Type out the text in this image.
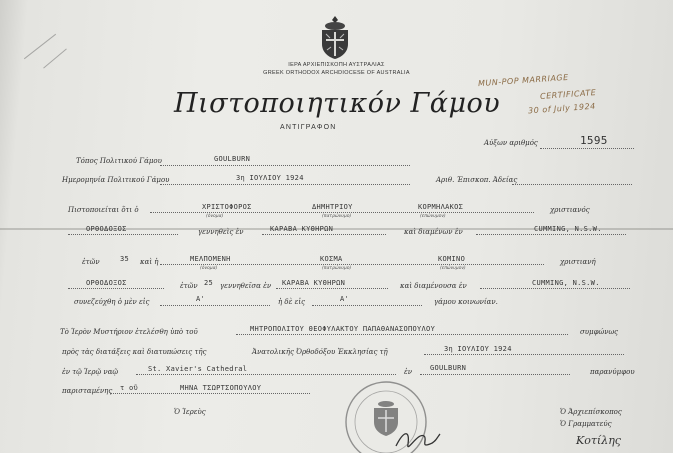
ΙΕΡΑ ΑΡΧΙΕΠΙΣΚΟΠΗ ΑΥΣΤΡΑΛΙΑΣ
GREEK ORTHODOX ARCHDIOCESE OF AUSTRALIA
Πιστοποιητικόν Γάμου
ΑΝΤΙΓΡΑΦΟΝ
MUN-POP MARRIAGE
CERTIFICATE
30 of July 1924
Αύξων αριθμός	1595
Τόπος Πολιτικού Γάμου	GOULBURN
Ημερομηνία Πολιτικού Γάμου	3η ΙΟΥΛΙΟΥ 1924	Αριθ. Έπισκοπ. Άδείας
Πιστοποιείται ὅτι ὁ	ΧΡΙΣΤΟΦΟΡΟΣ	ΔΗΜΗΤΡΙΟΥ	ΚΟΡΜΗΛΑΚΟΣ
(όνομα)	(πατρώνυμο)	(επώνυμον)
χριστιανός
ΟΡΘΟΔΟΞΟΣ	γεννηθεὶς ἐν	ΚΑΡΑΒΑ ΚΥΘΗΡΩΝ	καὶ διαμένων ἐν	CUMMING, N.S.W.
ἐτῶν	35 καὶ ἡ	ΜΕΛΠΟΜΕΝΗ	ΚΟΣΜΑ	ΚΟΜΙΝΟ
(όνομα)	(πατρώνυμο)	(επώνυμον)
χριστιανή
ΟΡΘΟΔΟΞΟΣ	ἐτῶν 25 γεννηθεῖσα ἐν ΚΑΡΑΒΑ ΚΥΘΗΡΩΝ	καὶ διαμένουσα ἐν	CUMMING, N.S.W.
συνεζεύχθη ὁ μὲν εἰς	Α'	ἡ δὲ εἰς	Α'	γάμου κοινωνίαν.
Τὸ Ἱερὸν Μυστήριον ἐτελέσθη ὑπὸ τοῦ	ΜΗΤΡΟΠΟΛΙΤΟΥ ΘΕΟΦΥΛΑΚΤΟΥ ΠΑΠΑΘΑΝΑΣΟΠΟΥΛΟΥ	συμφώνως
πρὸς τὰς διατάξεις καὶ διατυπώσεις τῆς	Ἀνατολικῆς Ὀρθοδόξου Ἐκκλησίας τῇ	3η ΙΟΥΛΙΟΥ 1924
ἐν τῷ Ἱερῷ ναῷ	St. Xavier's Cathedral	ἐν	GOULBURN	παρανύμφου
παρισταμένης τ οῦ	ΜΗΝΑ ΤΣΩΡΤΣΟΠΟΥΛΟΥ
Ὁ Ἱερεὺς	Ὁ Ἀρχιεπίσκοπος
Ὁ Γραμματεύς
Κοτίλης
